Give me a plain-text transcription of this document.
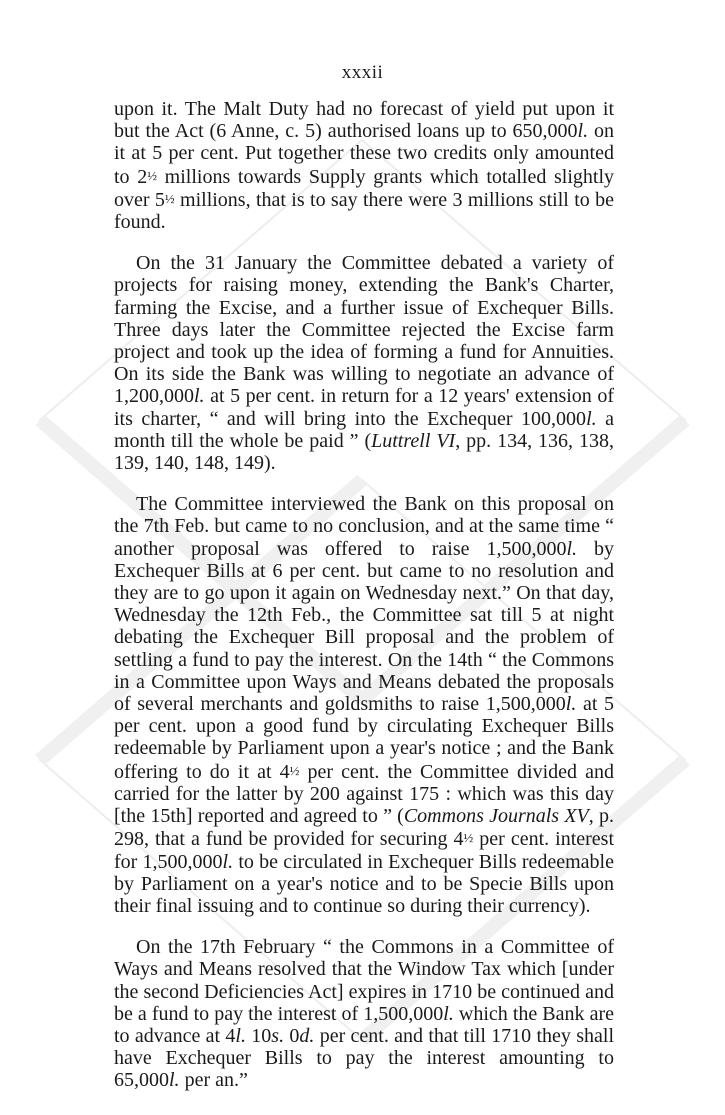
xxxii

upon it. The Malt Duty had no forecast of yield put upon it but the Act (6 Anne, c. 5) authorised loans up to 650,000l. on it at 5 per cent. Put together these two credits only amounted to 2½ millions towards Supply grants which totalled slightly over 5½ millions, that is to say there were 3 millions still to be found.

On the 31 January the Committee debated a variety of projects for raising money, extending the Bank's Charter, farming the Excise, and a further issue of Exchequer Bills. Three days later the Committee rejected the Excise farm project and took up the idea of forming a fund for Annuities. On its side the Bank was willing to negotiate an advance of 1,200,000l. at 5 per cent. in return for a 12 years' extension of its charter, “ and will bring into the Exchequer 100,000l. a month till the whole be paid ” (Luttrell VI, pp. 134, 136, 138, 139, 140, 148, 149).

The Committee interviewed the Bank on this proposal on the 7th Feb. but came to no conclusion, and at the same time “ another proposal was offered to raise 1,500,000l. by Exchequer Bills at 6 per cent. but came to no resolution and they are to go upon it again on Wednesday next.” On that day, Wednesday the 12th Feb., the Committee sat till 5 at night debating the Exchequer Bill proposal and the problem of settling a fund to pay the interest. On the 14th “ the Commons in a Committee upon Ways and Means debated the proposals of several merchants and goldsmiths to raise 1,500,000l. at 5 per cent. upon a good fund by circulating Exchequer Bills redeemable by Parliament upon a year's notice ; and the Bank offering to do it at 4½ per cent. the Committee divided and carried for the latter by 200 against 175 : which was this day [the 15th] reported and agreed to ” (Commons Journals XV, p. 298, that a fund be provided for securing 4½ per cent. interest for 1,500,000l. to be circulated in Exchequer Bills redeemable by Parliament on a year's notice and to be Specie Bills upon their final issuing and to continue so during their currency).

On the 17th February “ the Commons in a Committee of Ways and Means resolved that the Window Tax which [under the second Deficiencies Act] expires in 1710 be continued and be a fund to pay the interest of 1,500,000l. which the Bank are to advance at 4l. 10s. 0d. per cent. and that till 1710 they shall have Exchequer Bills to pay the interest amounting to 65,000l. per an.”
